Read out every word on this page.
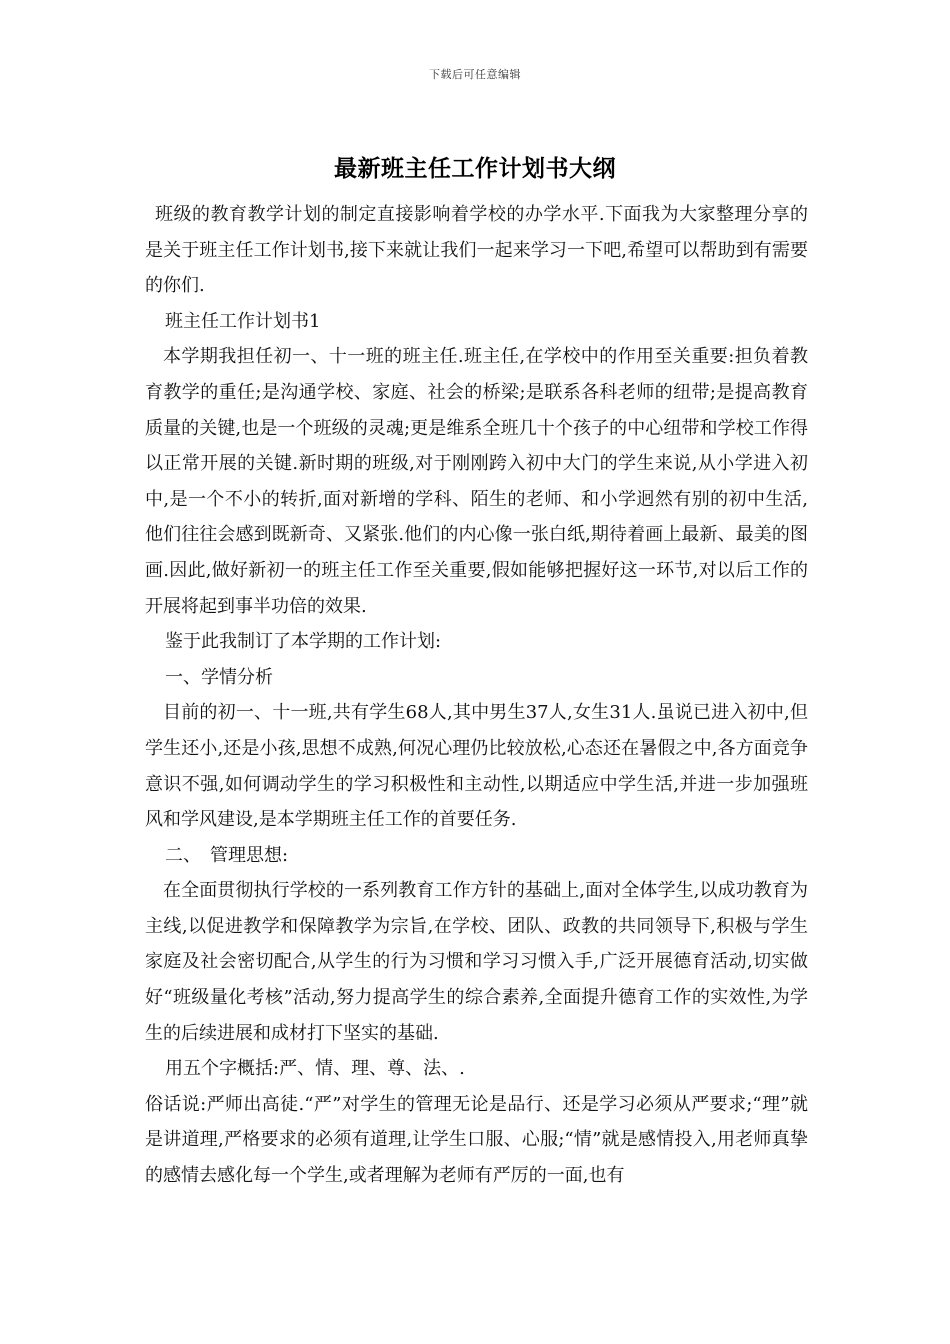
下载后可任意编辑
最新班主任工作计划书大纲

班级的教育教学计划的制定直接影响着学校的办学水平.下面我为大家整理分享的是关于班主任工作计划书,接下来就让我们一起来学习一下吧,希望可以帮助到有需要的你们.

班主任工作计划书1

本学期我担任初一、十一班的班主任.班主任,在学校中的作用至关重要:担负着教育教学的重任;是沟通学校、家庭、社会的桥梁;是联系各科老师的纽带;是提高教育质量的关键,也是一个班级的灵魂;更是维系全班几十个孩子的中心纽带和学校工作得以正常开展的关键.新时期的班级,对于刚刚跨入初中大门的学生来说,从小学进入初中,是一个不小的转折,面对新增的学科、陌生的老师、和小学迥然有别的初中生活,他们往往会感到既新奇、又紧张.他们的内心像一张白纸,期待着画上最新、最美的图画.因此,做好新初一的班主任工作至关重要,假如能够把握好这一环节,对以后工作的开展将起到事半功倍的效果.

鉴于此我制订了本学期的工作计划:

一、学情分析

目前的初一、十一班,共有学生68人,其中男生37人,女生31人.虽说已进入初中,但学生还小,还是小孩,思想不成熟,何况心理仍比较放松,心态还在暑假之中,各方面竞争意识不强,如何调动学生的学习积极性和主动性,以期适应中学生活,并进一步加强班风和学风建设,是本学期班主任工作的首要任务.

二、　管理思想:

在全面贯彻执行学校的一系列教育工作方针的基础上,面对全体学生,以成功教育为主线,以促进教学和保障教学为宗旨,在学校、团队、政教的共同领导下,积极与学生家庭及社会密切配合,从学生的行为习惯和学习习惯入手,广泛开展德育活动,切实做好“班级量化考核”活动,努力提高学生的综合素养,全面提升德育工作的实效性,为学生的后续进展和成材打下坚实的基础.

用五个字概括:严、情、理、尊、法、.

俗话说:严师出高徒.“严”对学生的管理无论是品行、还是学习必须从严要求;“理”就是讲道理,严格要求的必须有道理,让学生口服、心服;“情”就是感情投入,用老师真挚的感情去感化每一个学生,或者理解为老师有严厉的一面,也有
